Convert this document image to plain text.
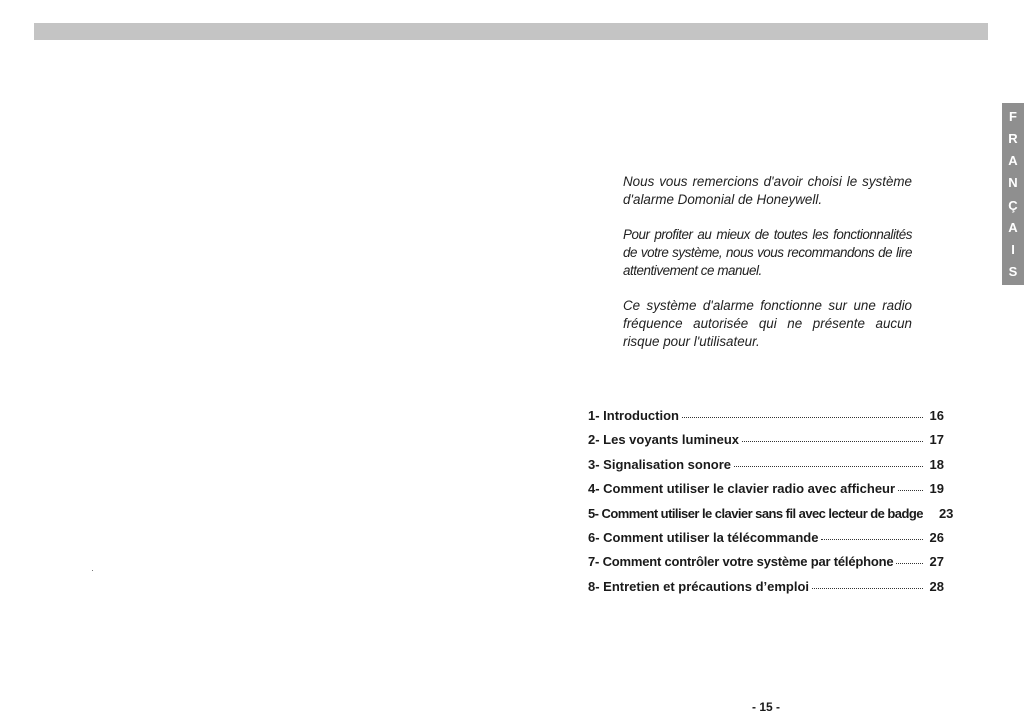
F
R
A
N
Ç
A
I
S

Nous vous remercions d'avoir choisi le système d'alarme Domonial de Honeywell.

Pour profiter au mieux de toutes les fonctionnalités de votre système, nous vous recommandons de lire attentivement ce manuel.

Ce système d'alarme fonctionne sur une radio fréquence autorisée qui ne présente aucun risque pour l'utilisateur.

1- Introduction	16
2- Les voyants lumineux	17
3- Signalisation sonore	18
4- Comment utiliser le clavier radio avec afficheur	19
5- Comment utiliser le clavier sans fil avec lecteur de badge 23
6- Comment utiliser la télécommande	26
7- Comment contrôler votre système par téléphone	27
8- Entretien et précautions d’emploi	28
- 15 -
